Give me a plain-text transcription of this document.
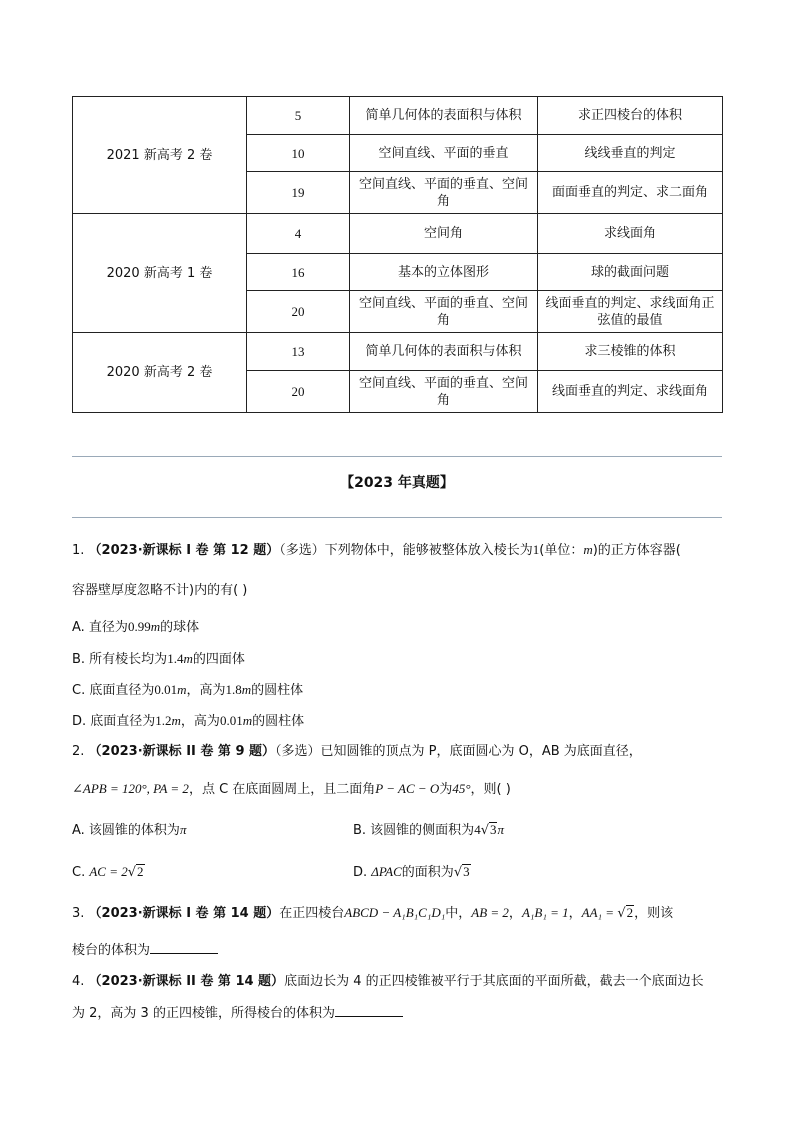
2021 新高考 2 卷	5	简单几何体的表面积与体积	求正四棱台的体积
	10	空间直线、平面的垂直	线线垂直的判定
	19	空间直线、平面的垂直、空间角	面面垂直的判定、求二面角
2020 新高考 1 卷	4	空间角	求线面角
	16	基本的立体图形	球的截面问题
	20	空间直线、平面的垂直、空间角	线面垂直的判定、求线面角正弦值的最值
2020 新高考 2 卷	13	简单几何体的表面积与体积	求三棱锥的体积
	20	空间直线、平面的垂直、空间角	线面垂直的判定、求线面角
【2023 年真题】
1. （2023·新课标 I 卷 第 12 题）（多选）下列物体中，能够被整体放入棱长为1(单位：m)的正方体容器(
容器壁厚度忽略不计)内的有( )
A. 直径为0.99m的球体
B. 所有棱长均为1.4m的四面体
C. 底面直径为0.01m，高为1.8m的圆柱体
D. 底面直径为1.2m，高为0.01m的圆柱体
2. （2023·新课标 II 卷 第 9 题）（多选）已知圆锥的顶点为 P，底面圆心为 O，AB 为底面直径，
∠APB = 120°, PA = 2，点 C 在底面圆周上，且二面角P − AC − O为45°，则( )
A. 该圆锥的体积为π	B. 该圆锥的侧面积为4√3π
C. AC = 2√2	D. ΔPAC的面积为√3
3. （2023·新课标 I 卷 第 14 题）在正四棱台ABCD − A₁B₁C₁D₁中，AB = 2，A₁B₁ = 1，AA₁ = √2，则该
棱台的体积为
4. （2023·新课标 II 卷 第 14 题）底面边长为 4 的正四棱锥被平行于其底面的平面所截，截去一个底面边长
为 2，高为 3 的正四棱锥，所得棱台的体积为
